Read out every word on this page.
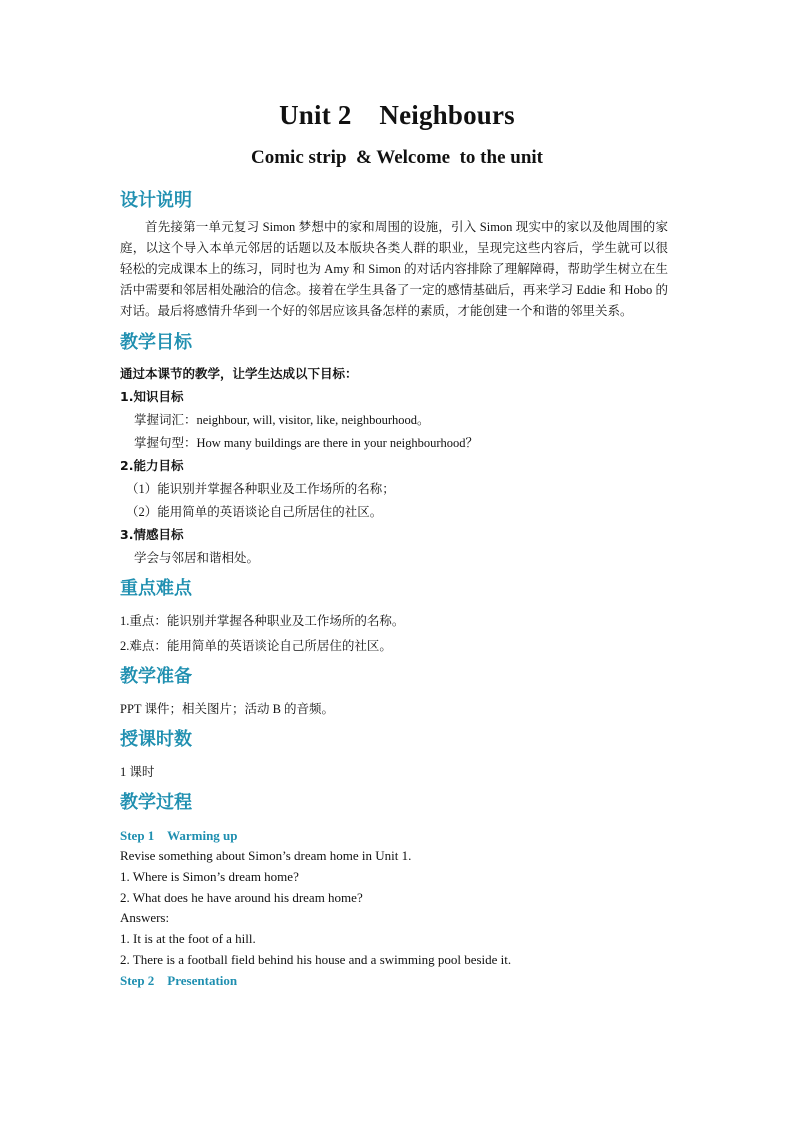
Unit 2    Neighbours
Comic strip  & Welcome  to the unit
设计说明

首先接第一单元复习 Simon 梦想中的家和周围的设施，引入 Simon 现实中的家以及他周围的家庭，以这个导入本单元邻居的话题以及本版块各类人群的职业，呈现完这些内容后，学生就可以很轻松的完成课本上的练习，同时也为 Amy 和 Simon 的对话内容排除了理解障碍，帮助学生树立在生活中需要和邻居相处融洽的信念。接着在学生具备了一定的感情基础后，再来学习 Eddie 和 Hobo 的对话。最后将感情升华到一个好的邻居应该具备怎样的素质，才能创建一个和谐的邻里关系。

教学目标

通过本课节的教学，让学生达成以下目标：

1.知识目标

掌握词汇：neighbour, will, visitor, like, neighbourhood。

掌握句型：How many buildings are there in your neighbourhood？

2.能力目标

（1）能识别并掌握各种职业及工作场所的名称；

（2）能用简单的英语谈论自己所居住的社区。

3.情感目标

学会与邻居和谐相处。

重点难点

1.重点：能识别并掌握各种职业及工作场所的名称。

2.难点：能用简单的英语谈论自己所居住的社区。

教学准备

PPT 课件；相关图片；活动 B 的音频。

授课时数

1 课时

教学过程

Step 1    Warming up

Revise something about Simon’s dream home in Unit 1.

1. Where is Simon’s dream home?

2. What does he have around his dream home?

Answers:

1. It is at the foot of a hill.

2. There is a football field behind his house and a swimming pool beside it.

Step 2    Presentation
